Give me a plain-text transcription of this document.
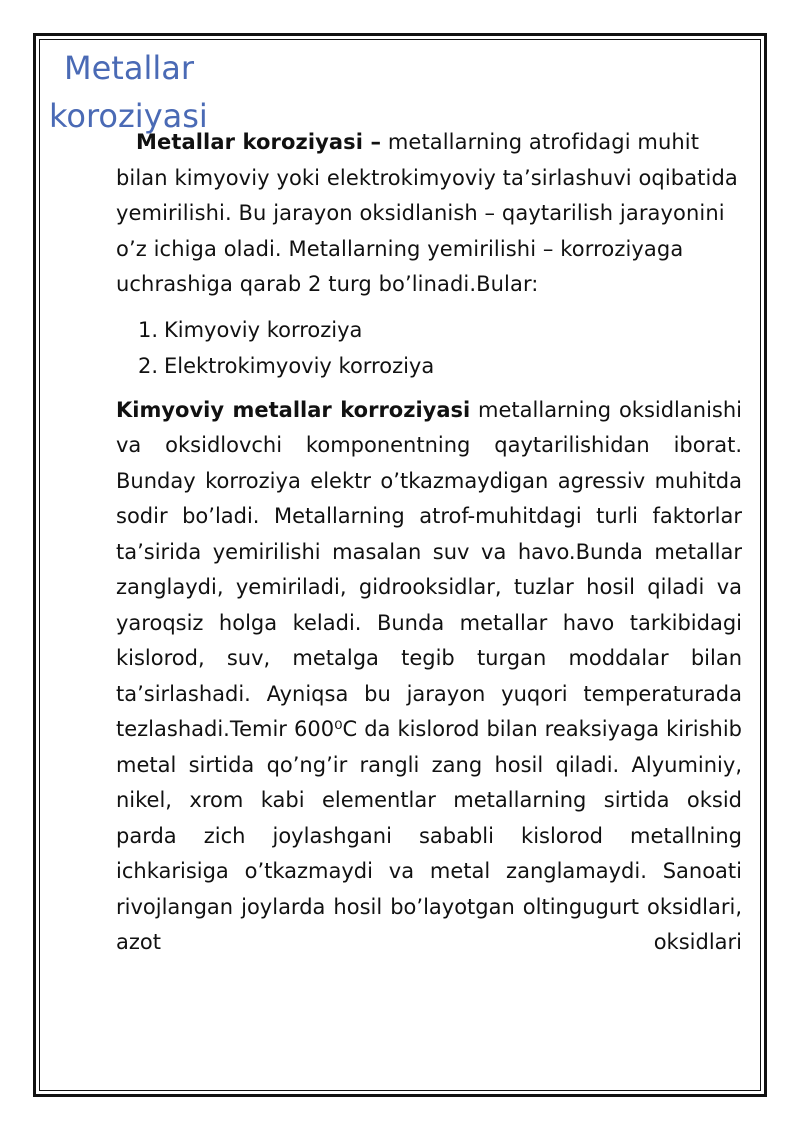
Metallar koroziyasi

Metallar koroziyasi – metallarning atrofidagi muhit bilan kimyoviy yoki elektrokimyoviy ta’sirlashuvi oqibatida yemirilishi. Bu jarayon oksidlanish – qaytarilish jarayonini o’z ichiga oladi. Metallarning yemirilishi – korroziyaga uchrashiga qarab 2 turg bo’linadi.Bular:

1. Kimyoviy korroziya
2. Elektrokimyoviy korroziya

Kimyoviy metallar korroziyasi metallarning oksidlanishi va oksidlovchi komponentning qaytarilishidan iborat. Bunday korroziya elektr o’tkazmaydigan agressiv muhitda sodir bo’ladi. Metallarning atrof-muhitdagi turli faktorlar ta’sirida yemirilishi masalan suv va havo.Bunda metallar zanglaydi, yemiriladi, gidrooksidlar, tuzlar hosil qiladi va yaroqsiz holga keladi. Bunda metallar havo tarkibidagi kislorod, suv, metalga tegib turgan moddalar bilan ta’sirlashadi. Ayniqsa bu jarayon yuqori temperaturada tezlashadi.Temir 600⁰C da kislorod bilan reaksiyaga kirishib metal sirtida qo’ng’ir rangli zang hosil qiladi. Alyuminiy, nikel, xrom kabi elementlar metallarning sirtida oksid parda zich joylashgani sababli kislorod metallning ichkarisiga o’tkazmaydi va metal zanglamaydi. Sanoati rivojlangan joylarda hosil bo’layotgan oltingugurt oksidlari, azot oksidlari
